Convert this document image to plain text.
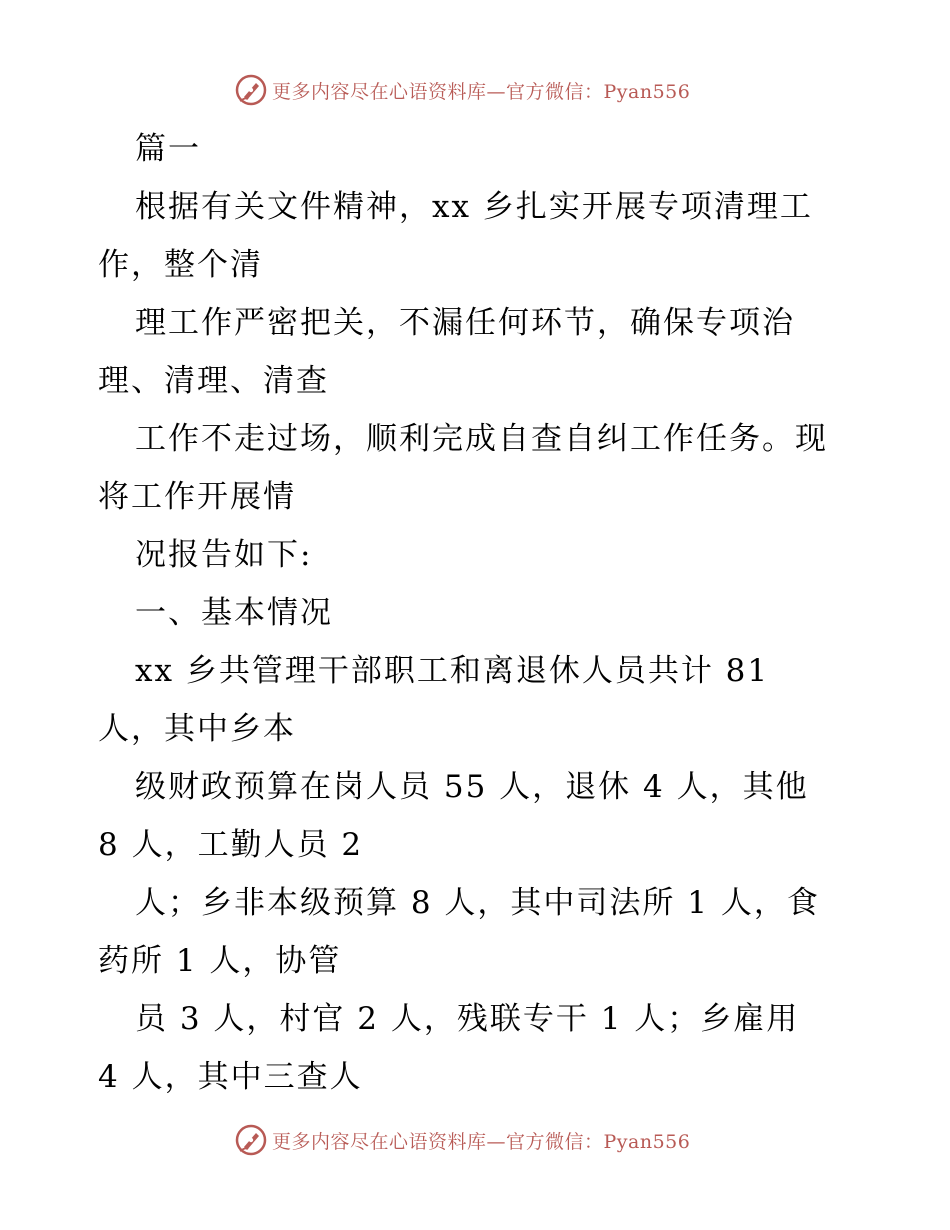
更多内容尽在心语资料库—官方微信：Pyan556
篇一
根据有关文件精神，xx 乡扎实开展专项清理工
作，整个清
理工作严密把关，不漏任何环节，确保专项治
理、清理、清查
工作不走过场，顺利完成自查自纠工作任务。现
将工作开展情
况报告如下:
一、基本情况
xx 乡共管理干部职工和离退休人员共计 81
人，其中乡本
级财政预算在岗人员 55 人，退休 4 人，其他
8 人，工勤人员 2
人；乡非本级预算 8 人，其中司法所 1 人，食
药所 1 人，协管
员 3 人，村官 2 人，残联专干 1 人；乡雇用
4 人，其中三查人
更多内容尽在心语资料库—官方微信：Pyan556
